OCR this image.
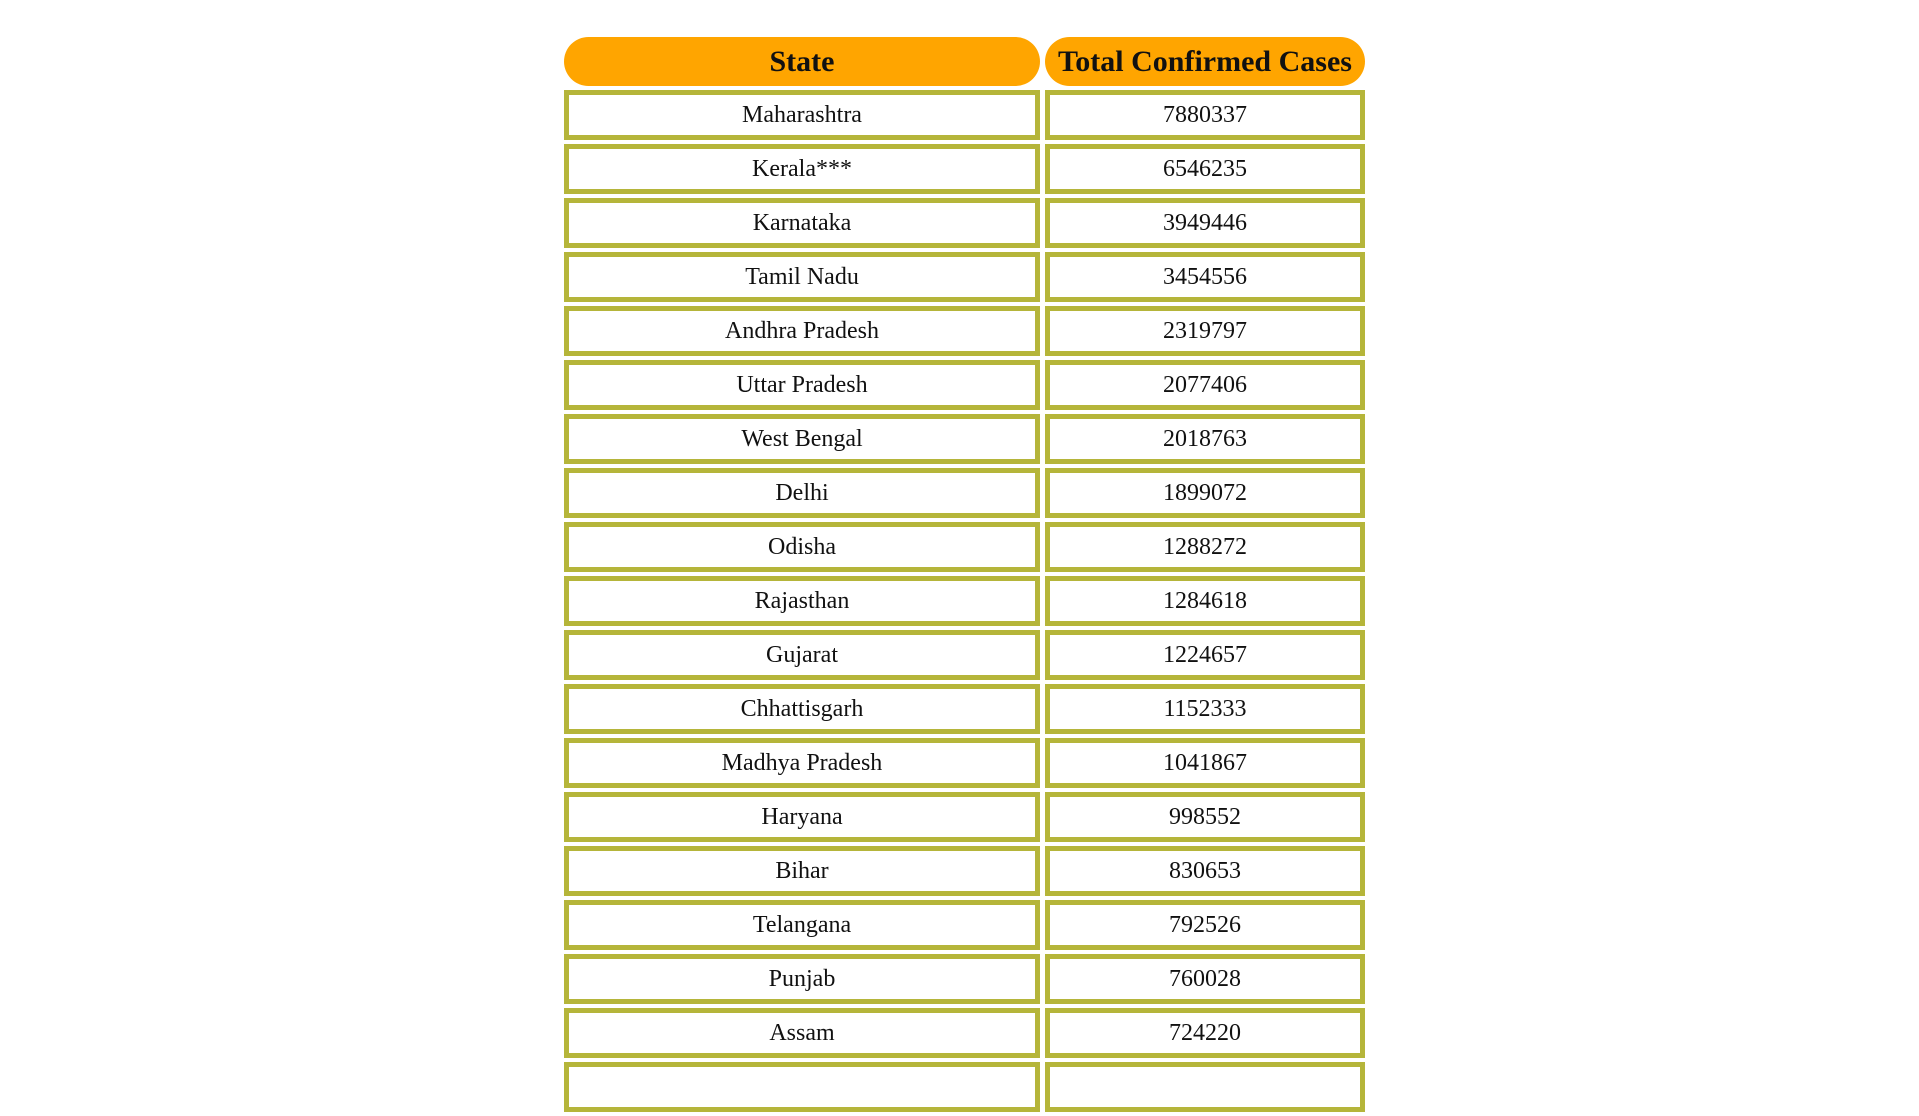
State	Total Confirmed Cases
Maharashtra	7880337
Kerala***	6546235
Karnataka	3949446
Tamil Nadu	3454556
Andhra Pradesh	2319797
Uttar Pradesh	2077406
West Bengal	2018763
Delhi	1899072
Odisha	1288272
Rajasthan	1284618
Gujarat	1224657
Chhattisgarh	1152333
Madhya Pradesh	1041867
Haryana	998552
Bihar	830653
Telangana	792526
Punjab	760028
Assam	724220
